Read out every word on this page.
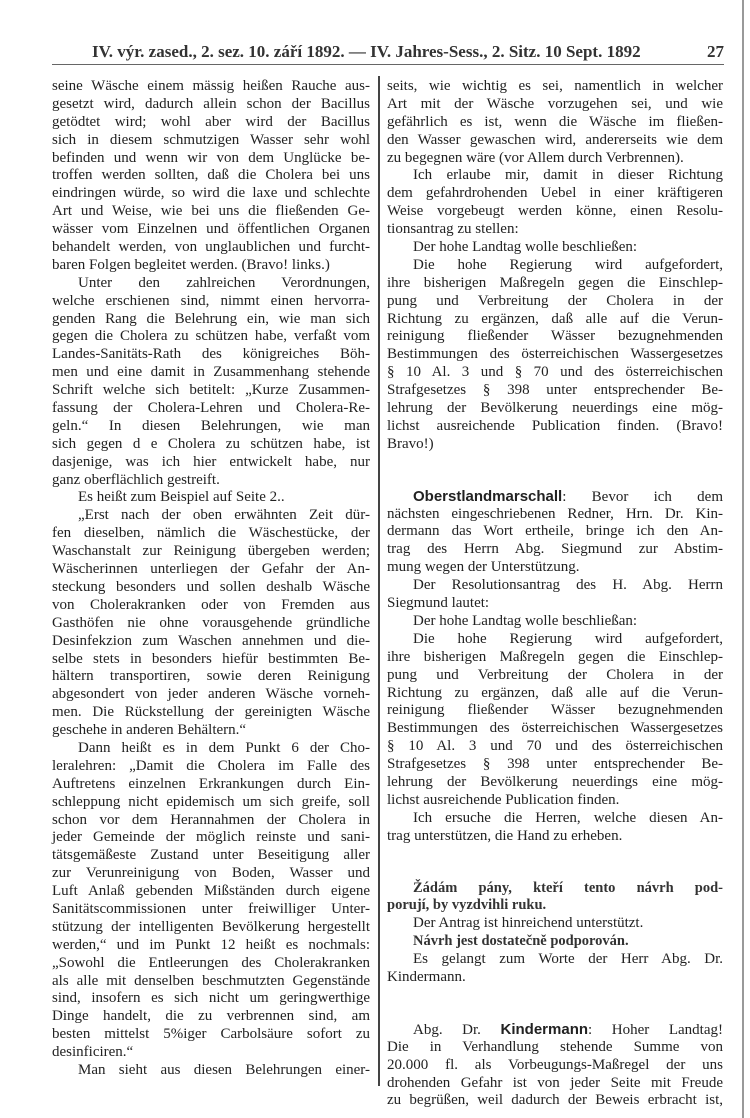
IV. výr. zased., 2. sez. 10. září 1892. — IV. Jahres-Sess., 2. Sitz. 10 Sept. 1892	27
seine Wäsche einem mässig heißen Rauche aus-
gesetzt wird, dadurch allein schon der Bacillus
getödtet wird; wohl aber wird der Bacillus
sich in diesem schmutzigen Wasser sehr wohl
befinden und wenn wir von dem Unglücke be-
troffen werden sollten, daß die Cholera bei uns
eindringen würde, so wird die laxe und schlechte
Art und Weise, wie bei uns die fließenden Ge-
wässer vom Einzelnen und öffentlichen Organen
behandelt werden, von unglaublichen und furcht-
baren Folgen begleitet werden. (Bravo! links.)
Unter den zahlreichen Verordnungen,
welche erschienen sind, nimmt einen hervorra-
genden Rang die Belehrung ein, wie man sich
gegen die Cholera zu schützen habe, verfaßt vom
Landes-Sanitäts-Rath des königreiches Böh-
men und eine damit in Zusammenhang stehende
Schrift welche sich betitelt: „Kurze Zusammen-
fassung der Cholera-Lehren und Cholera-Re-
geln.“ In diesen Belehrungen, wie man
sich gegen d e Cholera zu schützen habe, ist
dasjenige, was ich hier entwickelt habe, nur
ganz oberflächlich gestreift.
Es heißt zum Beispiel auf Seite 2..
„Erst nach der oben erwähnten Zeit dür-
fen dieselben, nämlich die Wäschestücke, der
Waschanstalt zur Reinigung übergeben werden;
Wäscherinnen unterliegen der Gefahr der An-
steckung besonders und sollen deshalb Wäsche
von Cholerakranken oder von Fremden aus
Gasthöfen nie ohne vorausgehende gründliche
Desinfekzion zum Waschen annehmen und die-
selbe stets in besonders hiefür bestimmten Be-
hältern transportiren, sowie deren Reinigung
abgesondert von jeder anderen Wäsche vorneh-
men. Die Rückstellung der gereinigten Wäsche
geschehe in anderen Behältern.“
Dann heißt es in dem Punkt 6 der Cho-
leralehren: „Damit die Cholera im Falle des
Auftretens einzelnen Erkrankungen durch Ein-
schleppung nicht epidemisch um sich greife, soll
schon vor dem Herannahmen der Cholera in
jeder Gemeinde der möglich reinste und sani-
tätsgemäßeste Zustand unter Beseitigung aller
zur Verunreinigung von Boden, Wasser und
Luft Anlaß gebenden Mißständen durch eigene
Sanitätscommissionen unter freiwilliger Unter-
stützung der intelligenten Bevölkerung hergestellt
werden,“ und im Punkt 12 heißt es nochmals:
„Sowohl die Entleerungen des Cholerakranken
als alle mit denselben beschmutzten Gegenstände
sind, insofern es sich nicht um geringwerthige
Dinge handelt, die zu verbrennen sind, am
besten mittelst 5%iger Carbolsäure sofort zu
desinficiren.“
Man sieht aus diesen Belehrungen einer-
seits, wie wichtig es sei, namentlich in welcher
Art mit der Wäsche vorzugehen sei, und wie
gefährlich es ist, wenn die Wäsche im fließen-
den Wasser gewaschen wird, andererseits wie dem
zu begegnen wäre (vor Allem durch Verbrennen).
Ich erlaube mir, damit in dieser Richtung
dem gefahrdrohenden Uebel in einer kräftigeren
Weise vorgebeugt werden könne, einen Resolu-
tionsantrag zu stellen:
Der hohe Landtag wolle beschließen:
Die hohe Regierung wird aufgefordert,
ihre bisherigen Maßregeln gegen die Einschlep-
pung und Verbreitung der Cholera in der
Richtung zu ergänzen, daß alle auf die Verun-
reinigung fließender Wässer bezugnehmenden
Bestimmungen des österreichischen Wassergesetzes
§ 10 Al. 3 und § 70 und des österreichischen
Strafgesetzes § 398 unter entsprechender Be-
lehrung der Bevölkerung neuerdings eine mög-
lichst ausreichende Publication finden. (Bravo!
Bravo!)
Oberstlandmarschall: Bevor ich dem
nächsten eingeschriebenen Redner, Hrn. Dr. Kin-
dermann das Wort ertheile, bringe ich den An-
trag des Herrn Abg. Siegmund zur Abstim-
mung wegen der Unterstützung.
Der Resolutionsantrag des H. Abg. Herrn
Siegmund lautet:
Der hohe Landtag wolle beschließan:
Die hohe Regierung wird aufgefordert,
ihre bisherigen Maßregeln gegen die Einschlep-
pung und Verbreitung der Cholera in der
Richtung zu ergänzen, daß alle auf die Verun-
reinigung fließender Wässer bezugnehmenden
Bestimmungen des österreichischen Wassergesetzes
§ 10 Al. 3 und 70 und des österreichischen
Strafgesetzes § 398 unter entsprechender Be-
lehrung der Bevölkerung neuerdings eine mög-
lichst ausreichende Publication finden.
Ich ersuche die Herren, welche diesen An-
trag unterstützen, die Hand zu erheben.
Žádám pány, kteří tento návrh pod-
porují, by vyzdvihli ruku.
Der Antrag ist hinreichend unterstützt.
Návrh jest dostatečně podporován.
Es gelangt zum Worte der Herr Abg. Dr.
Kindermann.
Abg. Dr. Kindermann: Hoher Landtag!
Die in Verhandlung stehende Summe von
20.000 fl. als Vorbeugungs-Maßregel der uns
drohenden Gefahr ist von jeder Seite mit Freude
zu begrüßen, weil dadurch der Beweis erbracht ist,
